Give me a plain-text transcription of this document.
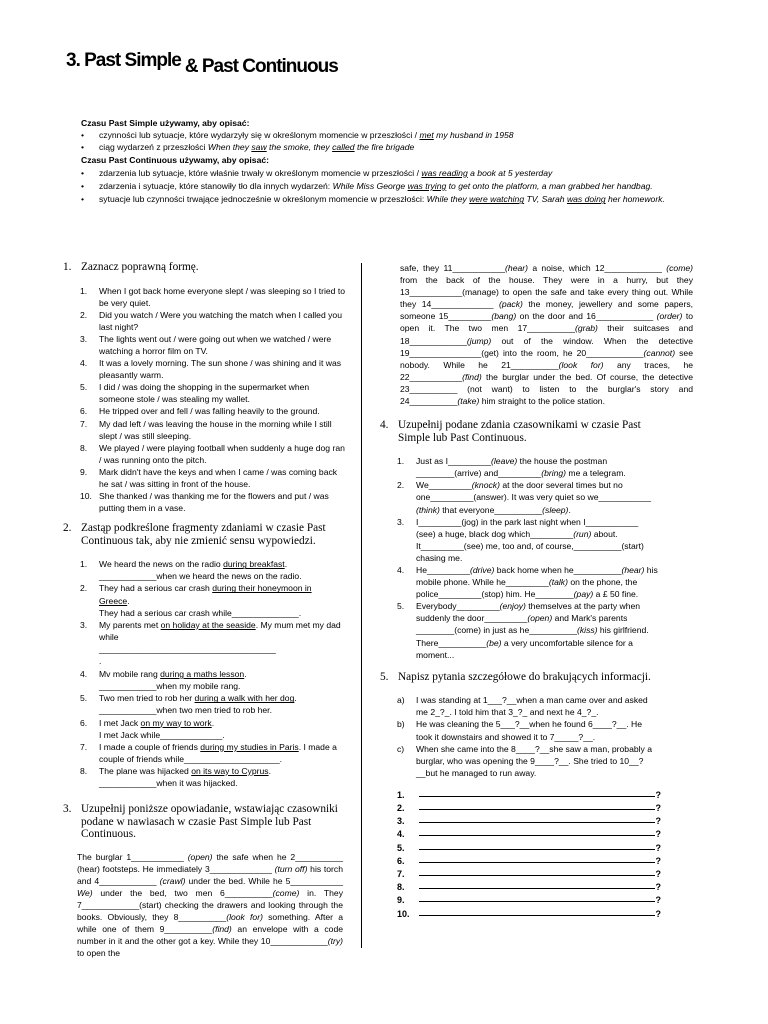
3. Past Simple & Past Continuous
Czasu Past Simple używamy, aby opisać:
• czynności lub sytuacje, które wydarzyły się w określonym momencie w przeszłości / met my husband in 1958
• ciąg wydarzeń z przeszłości When they saw the smoke, they called the fire brigade
Czasu Past Continuous używamy, aby opisać:
• zdarzenia lub sytuacje, które właśnie trwały w określonym momencie w przeszłości / was reading a book at 5 yesterday
• zdarzenia i sytuacje, które stanowiły tło dla innych wydarzeń: While Miss George was trying to get onto the platform, a man grabbed her handbag.
• sytuacje lub czynności trwające jednocześnie w określonym momencie w przeszłości: While they were watching TV, Sarah was doing her homework.
1. Zaznacz poprawną formę.
1. When I got back home everyone slept / was sleeping so I tried to be very quiet.
2. Did you watch / Were you watching the match when I called you last night?
3. The lights went out / were going out when we watched / were watching a horror film on TV.
4. It was a lovely morning. The sun shone / was shining and it was pleasantly warm.
5. I did / was doing the shopping in the supermarket when someone stole / was stealing my wallet.
6. He tripped over and fell / was falling heavily to the ground.
7. My dad left / was leaving the house in the morning while I still slept / was still sleeping.
8. We played / were playing football when suddenly a huge dog ran / was running onto the pitch.
9. Mark didn't have the keys and when I came / was coming back he sat / was sitting in front of the house.
10. She thanked / was thanking me for the flowers and put / was putting them in a vase.
2. Zastąp podkreślone fragmenty zdaniami w czasie Past Continuous tak, aby nie zmienić sensu wypowiedzi.
1. We heard the news on the radio during breakfast.
____________when we heard the news on the radio.
2. They had a serious car crash during their honeymoon in Greece.
They had a serious car crash while______________.
3. My parents met on holiday at the seaside. My mum met my dad while
_____________________________________
.
4. Mv mobile rang during a maths lesson.
____________when my mobile rang.
5. Two men tried to rob her during a walk with her dog.
____________when two men tried to rob her.
6. I met Jack on my way to work.
I met Jack while_____________.
7. I made a couple of friends during my studies in Paris. I made a couple of friends while____________________.
8. The plane was hijacked on its way to Cyprus.
____________when it was hijacked.
3. Uzupełnij poniższe opowiadanie, wstawiając czasowniki podane w nawiasach w czasie Past Simple lub Past Continuous.
The burglar 1___________ (open) the safe when he 2__________ (hear) footsteps. He immediately 3_____________ (turn off) his torch and 4____________ (crawl) under the bed. While he 5___________ We) under the bed, two men 6__________(come) in. They 7____________(start) checking the drawers and looking through the books. Obviously, they 8__________(look for) something. After a while one of them 9__________(find) an envelope with a code number in it and the other got a key. While they 10____________(try) to open the
safe, they 11___________(hear) a noise, which 12____________ (come) from the back of the house. They were in a hurry, but they 13___________(manage) to open the safe and take every thing out. While they 14_____________ (pack) the money, jewellery and some papers, someone 15_________(bang) on the door and 16____________ (order) to open it. The two men 17__________(grab) their suitcases and 18____________(jump) out of the window. When the detective 19_______________(get) into the room, he 20____________(cannot) see nobody. While he 21__________(look for) any traces, he 22___________(find) the burglar under the bed. Of course, the detective 23__________ (not want) to listen to the burglar's story and 24__________(take) him straight to the police station.
4. Uzupełnij podane zdania czasownikami w czasie Past Simple lub Past Continuous.
1. Just as I_________(leave) the house the postman ________(arrive) and_________(bring) me a telegram.
2. We_________(knock) at the door several times but no one_________(answer). It was very quiet so we___________ (think) that everyone__________(sleep).
3. I_________(jog) in the park last night when I___________ (see) a huge, black dog which_________(run) about. It_________(see) me, too and, of course,__________(start) chasing me.
4. He_________(drive) back home when he__________(hear) his mobile phone. While he_________(talk) on the phone, the police_________(stop) him. He________(pay) a £ 50 fine.
5. Everybody_________(enjoy) themselves at the party when suddenly the door_________(open) and Mark's parents ________(come) in just as he__________(kiss) his girlfriend. There__________(be) a very uncomfortable silence for a moment...
5. Napisz pytania szczegółowe do brakujących informacji.
a) I was standing at 1___?__when a man came over and asked me 2_?_. I told him that 3_?_ and next he 4_?_.
b) He was cleaning the 5___?__when he found 6____?__. He took it downstairs and showed it to 7_____?__.
c) When she came into the 8____?__she saw a man, probably a burglar, who was opening the 9____?__. She tried to 10__?__but he managed to run away.
1.	?
2.	?
3.	?
4.	?
5.	?
6.	?
7.	?
8.	?
9.	?
10.	?
